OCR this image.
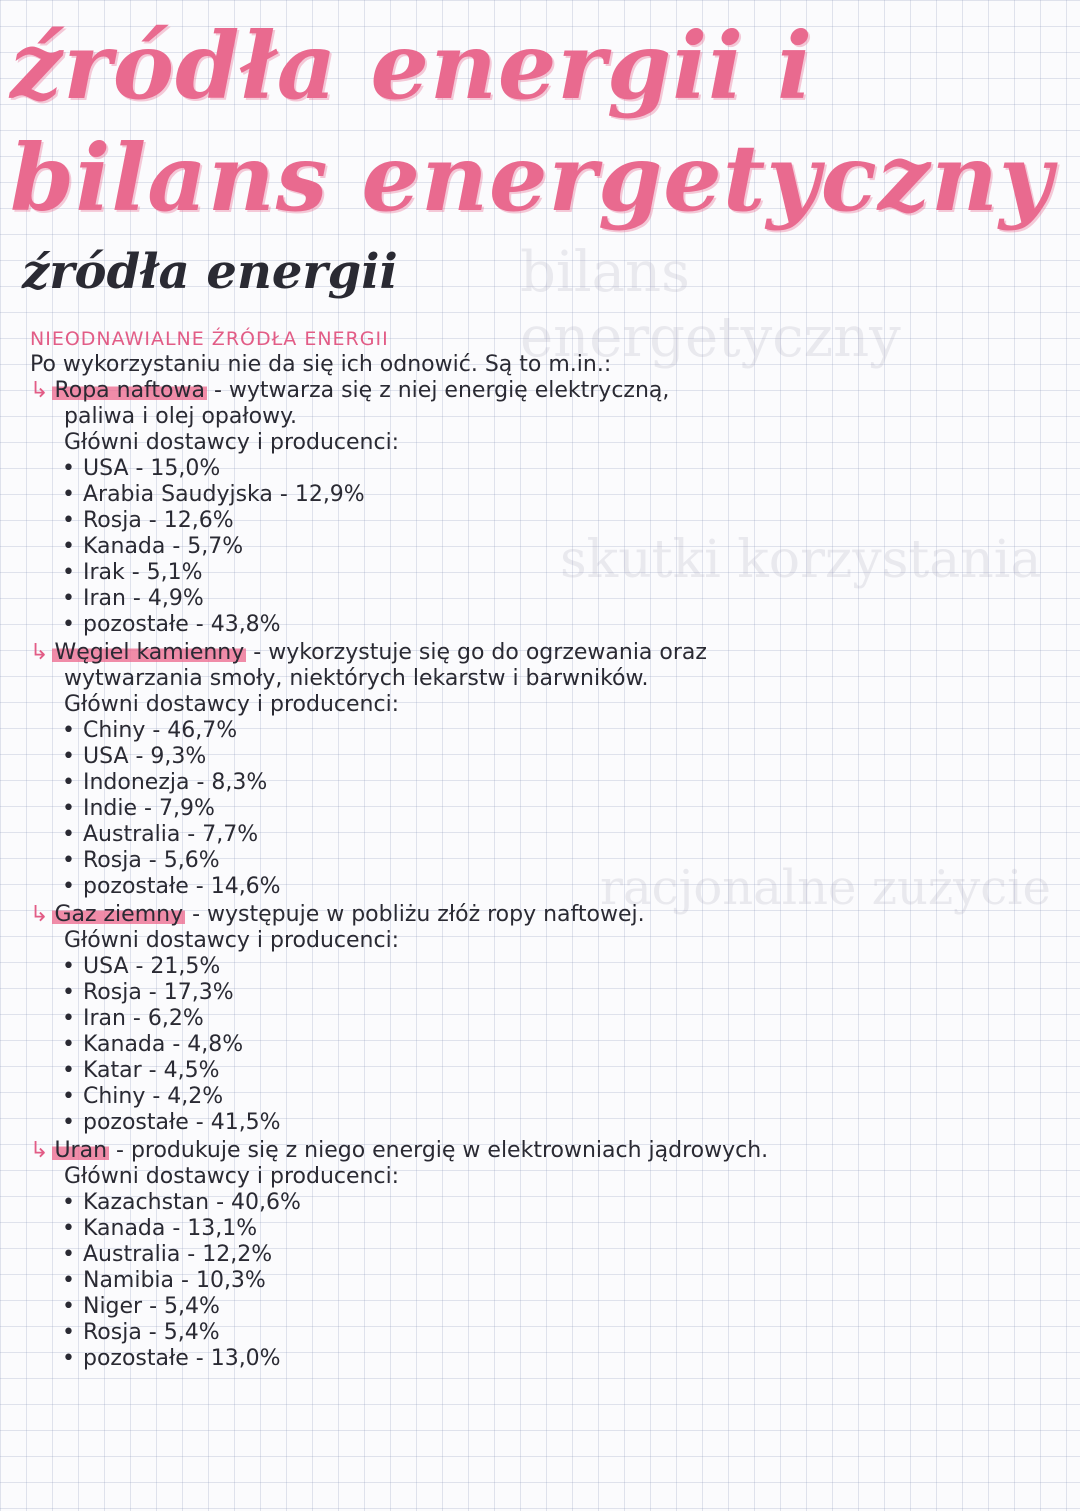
bilans energetyczny
skutki korzystania
racjonalne zużycie
źródła energii i
bilans energetyczny
źródła energii
NIEODNAWIALNE ŹRÓDŁA ENERGII
Po wykorzystaniu nie da się ich odnowić. Są to m.in.:
↳ Ropa naftowa - wytwarza się z niej energię elektryczną,
paliwa i olej opałowy.
Główni dostawcy i producenci:
• USA - 15,0%
• Arabia Saudyjska - 12,9%
• Rosja - 12,6%
• Kanada - 5,7%
• Irak - 5,1%
• Iran - 4,9%
• pozostałe - 43,8%
↳ Węgiel kamienny - wykorzystuje się go do ogrzewania oraz
wytwarzania smoły, niektórych lekarstw i barwników.
Główni dostawcy i producenci:
• Chiny - 46,7%
• USA - 9,3%
• Indonezja - 8,3%
• Indie - 7,9%
• Australia - 7,7%
• Rosja - 5,6%
• pozostałe - 14,6%
↳ Gaz ziemny - występuje w pobliżu złóż ropy naftowej.
Główni dostawcy i producenci:
• USA - 21,5%
• Rosja - 17,3%
• Iran - 6,2%
• Kanada - 4,8%
• Katar - 4,5%
• Chiny - 4,2%
• pozostałe - 41,5%
↳ Uran - produkuje się z niego energię w elektrowniach jądrowych.
Główni dostawcy i producenci:
• Kazachstan - 40,6%
• Kanada - 13,1%
• Australia - 12,2%
• Namibia - 10,3%
• Niger - 5,4%
• Rosja - 5,4%
• pozostałe - 13,0%
